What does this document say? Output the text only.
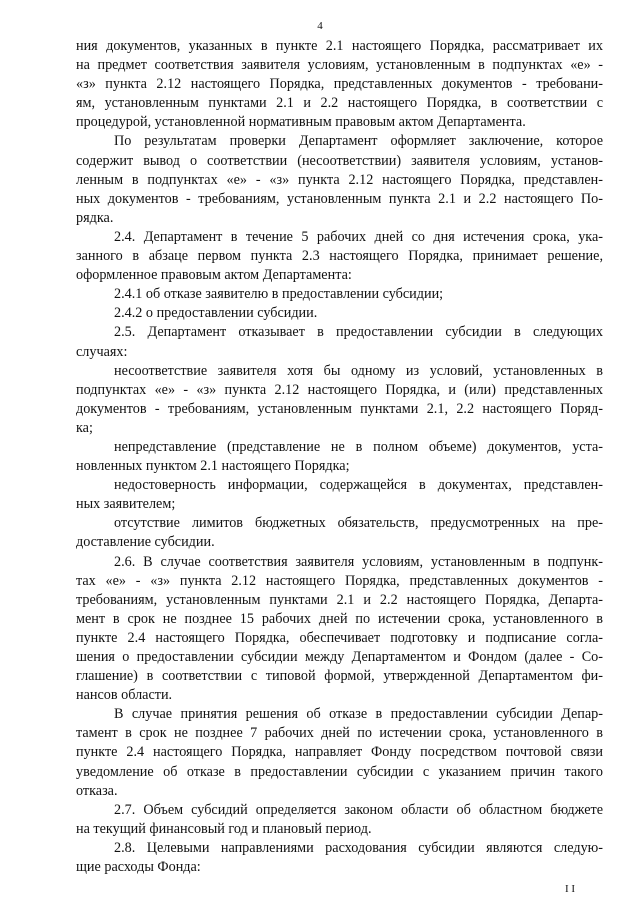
4
ния документов, указанных в пункте 2.1 настоящего Порядка, рассматривает их
на предмет соответствия заявителя условиям, установленным в подпунктах «е» -
«з» пункта 2.12 настоящего Порядка, представленных документов - требовани-
ям, установленным пунктами 2.1 и 2.2 настоящего Порядка, в соответствии с
процедурой, установленной нормативным правовым актом Департамента.
По результатам проверки Департамент оформляет заключение, которое
содержит вывод о соответствии (несоответствии) заявителя условиям, установ-
ленным в подпунктах «е» - «з» пункта 2.12 настоящего Порядка, представлен-
ных документов - требованиям, установленным пункта 2.1 и 2.2 настоящего По-
рядка.
2.4. Департамент в течение 5 рабочих дней со дня истечения срока, ука-
занного в абзаце первом пункта 2.3 настоящего Порядка, принимает решение,
оформленное правовым актом Департамента:
2.4.1 об отказе заявителю в предоставлении субсидии;
2.4.2 о предоставлении субсидии.
2.5. Департамент отказывает в предоставлении субсидии в следующих
случаях:
несоответствие заявителя хотя бы одному из условий, установленных в
подпунктах «е» - «з» пункта 2.12 настоящего Порядка, и (или) представленных
документов - требованиям, установленным пунктами 2.1, 2.2 настоящего Поряд-
ка;
непредставление (представление не в полном объеме) документов, уста-
новленных пунктом 2.1 настоящего Порядка;
недостоверность информации, содержащейся в документах, представлен-
ных заявителем;
отсутствие лимитов бюджетных обязательств, предусмотренных на пре-
доставление субсидии.
2.6. В случае соответствия заявителя условиям, установленным в подпунк-
тах «е» - «з» пункта 2.12 настоящего Порядка, представленных документов -
требованиям, установленным пунктами 2.1 и 2.2 настоящего Порядка, Департа-
мент в срок не позднее 15 рабочих дней по истечении срока, установленного в
пункте 2.4 настоящего Порядка, обеспечивает подготовку и подписание согла-
шения о предоставлении субсидии между Департаментом и Фондом (далее - Со-
глашение) в соответствии с типовой формой, утвержденной Департаментом фи-
нансов области.
В случае принятия решения об отказе в предоставлении субсидии Депар-
тамент в срок не позднее 7 рабочих дней по истечении срока, установленного в
пункте 2.4 настоящего Порядка, направляет Фонду посредством почтовой связи
уведомление об отказе в предоставлении субсидии с указанием причин такого
отказа.
2.7. Объем субсидий определяется законом области об областном бюджете
на текущий финансовый год и плановый период.
2.8. Целевыми направлениями расходования субсидии являются следую-
щие расходы Фонда:
I I
